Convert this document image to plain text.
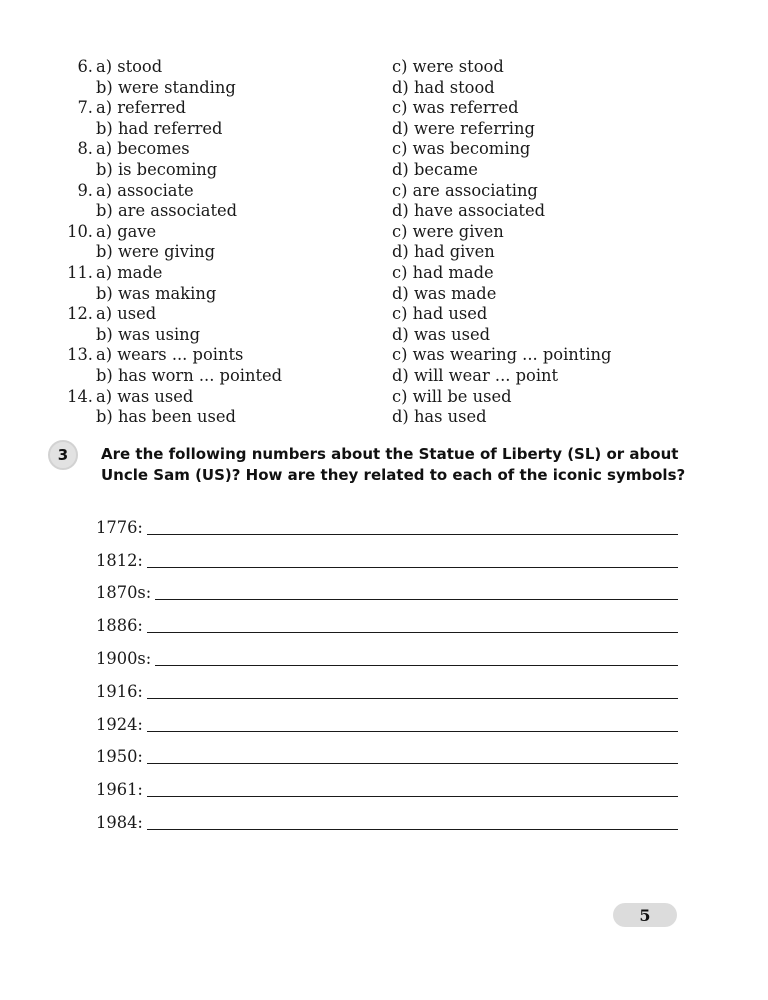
6. a) stood
b) were standing
c) were stood
d) had stood
7. a) referred
b) had referred
c) was referred
d) were referring
8. a) becomes
b) is becoming
c) was becoming
d) became
9. a) associate
b) are associated
c) are associating
d) have associated
10. a) gave
b) were giving
c) were given
d) had given
11. a) made
b) was making
c) had made
d) was made
12. a) used
b) was using
c) had used
d) was used
13. a) wears ... points
b) has worn ... pointed
c) was wearing ... pointing
d) will wear ... point
14. a) was used
b) has been used
c) will be used
d) has used
3 Are the following numbers about the Statue of Liberty (SL) or about Uncle Sam (US)? How are they related to each of the iconic symbols?
1776:
1812:
1870s:
1886:
1900s:
1916:
1924:
1950:
1961:
1984:
5
